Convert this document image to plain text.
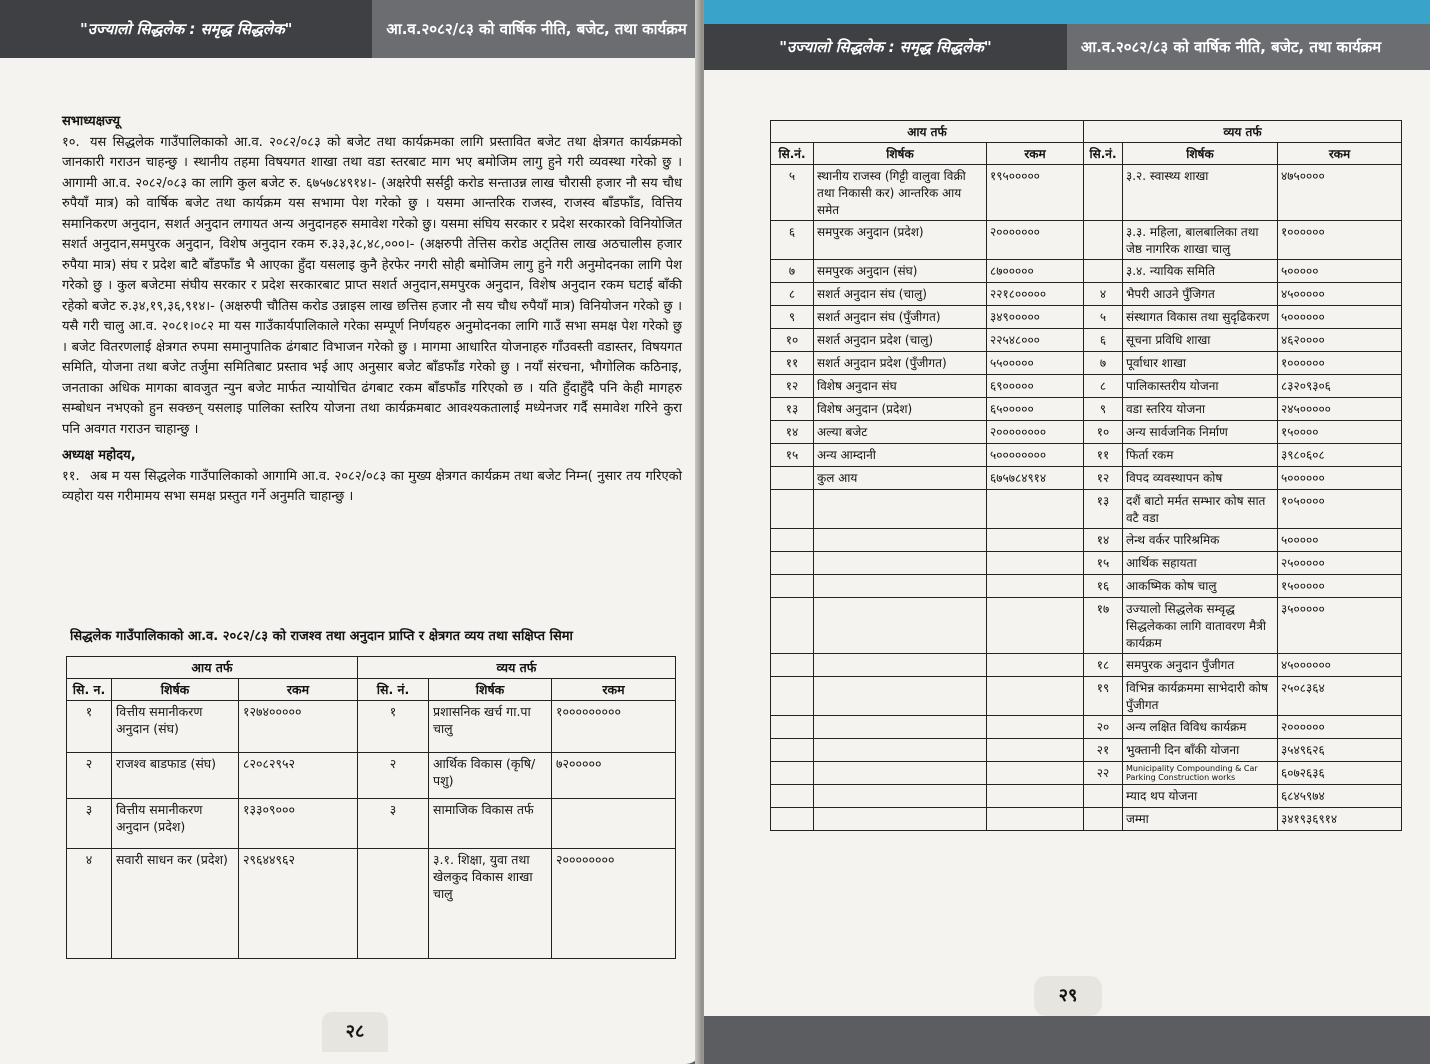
"उज्यालो सिद्धलेक : समृद्ध सिद्धलेक"	आ.व.२०८२/८३ को वार्षिक नीति, बजेट, तथा कार्यक्रम

सभाध्यक्षज्यू

१०. यस सिद्धलेक गाउँपालिकाको आ.व. २०८२/०८३ को बजेट तथा कार्यक्रमका लागि प्रस्तावित बजेट तथा क्षेत्रगत कार्यक्रमको जानकारी गराउन चाहन्छु । स्थानीय तहमा विषयगत शाखा तथा वडा स्तरबाट माग भए बमोजिम लागु हुने गरी व्यवस्था गरेको छु । आगामी आ.व. २०८२/०८३ का लागि कुल बजेट रु. ६७५७८४९१४।- (अक्षरेपी सर्सट्ठी करोड सन्ताउन्न लाख चौरासी हजार नौ सय चौध रुपैयाँ मात्र) को वार्षिक बजेट तथा कार्यक्रम यस सभामा पेश गरेको छु । यसमा आन्तरिक राजस्व, राजस्व बाँडफाँड, वित्तिय समानिकरण अनुदान, सशर्त अनुदान लगायत अन्य अनुदानहरु समावेश गरेको छु। यसमा संघिय सरकार र प्रदेश सरकारको विनियोजित सशर्त अनुदान,समपुरक अनुदान, विशेष अनुदान रकम रु.३३,३८,४८,०००।- (अक्षरुपी तेत्तिस करोड अट्तिस लाख अठचालीस हजार रुपैया मात्र) संघ र प्रदेश बाटै बाँडफाँड भै आएका हुँदा यसलाइ कुनै हेरफेर नगरी सोही बमोजिम लागु हुने गरी अनुमोदनका लागि पेश गरेको छु । कुल बजेटमा संघीय सरकार र प्रदेश सरकारबाट प्राप्त सशर्त अनुदान,समपुरक अनुदान, विशेष अनुदान रकम घटाई बाँकी रहेको बजेट रु.३४,१९,३६,९१४।- (अक्षरुपी चौतिस करोड उन्नाइस लाख छत्तिस हजार नौ सय चौध रुपैयाँ मात्र) विनियोजन गरेको छु । यसै गरी चालु आ.व. २०८१।०८२ मा यस गाउँकार्यपालिकाले गरेका सम्पूर्ण निर्णयहरु अनुमोदनका लागि गाउँ सभा समक्ष पेश गरेको छु । बजेट वितरणलाई क्षेत्रगत रुपमा समानुपातिक ढंगबाट विभाजन गरेको छु । मागमा आधारित योजनाहरु गाँउवस्ती वडास्तर, विषयगत समिति, योजना तथा बजेट तर्जुमा समितिबाट प्रस्ताव भई आए अनुसार बजेट बाँडफाँड गरेको छु । नयाँ संरचना, भौगोलिक कठिनाइ, जनताका अधिक मागका बावजुत न्युन बजेट मार्फत न्यायोचित ढंगबाट रकम बाँडफाँड गरिएको छ । यति हुँदाहुँदै पनि केही मागहरु सम्बोधन नभएको हुन सक्छन् यसलाइ पालिका स्तरिय योजना तथा कार्यक्रमबाट आवश्यकतालाई मध्येनजर गर्दै समावेश गरिने कुरा पनि अवगत गराउन चाहान्छु ।

अध्यक्ष महोदय,

११. अब म यस सिद्धलेक गाउँपालिकाको आगामि आ.व. २०८२/०८३ का मुख्य क्षेत्रगत कार्यक्रम तथा बजेट निम्न( नुसार तय गरिएको व्यहोरा यस गरीमामय सभा समक्ष प्रस्तुत गर्ने अनुमति चाहान्छु ।

सिद्धलेक गाउँपालिकाको आ.व. २०८२/८३ को राजश्व तथा अनुदान प्राप्ति र क्षेत्रगत व्यय तथा सक्षिप्त सिमा
आय तर्फ			व्यय तर्फ		
सि. न.	शिर्षक	रकम	सि. नं.	शिर्षक	रकम
१	वित्तीय समानीकरण अनुदान (संघ)	१२७४०००००	१	प्रशासनिक खर्च गा.पा चालु	१०००००००००
२	राजश्व बाडफाड (संघ)	८२०८२९५२	२	आर्थिक विकास (कृषि/पशु)	७२०००००
३	वित्तीय समानीकरण अनुदान (प्रदेश)	१३३०९०००	३	सामाजिक विकास तर्फ	
४	सवारी साधन कर (प्रदेश)	२९६४४९६२		३.१. शिक्षा, युवा तथा खेलकुद विकास शाखा चालु	२००००००००
२८
"उज्यालो सिद्धलेक : समृद्ध सिद्धलेक"	आ.व.२०८२/८३ को वार्षिक नीति, बजेट, तथा कार्यक्रम
आय तर्फ			व्यय तर्फ		
सि.नं.	शिर्षक	रकम	सि.नं.	शिर्षक	रकम
५	स्थानीय राजस्व (गिट्टी वालुवा विक्री तथा निकासी कर) आन्तरिक आय समेत	१९५०००००		३.२. स्वास्थ्य शाखा	४७५००००
६	समपुरक अनुदान (प्रदेश)	२०००००००		३.३. महिला, बालबालिका तथा जेष्ठ नागरिक शाखा चालु	१००००००
७	समपुरक अनुदान (संघ)	८७०००००		३.४. न्यायिक समिति	५०००००
८	सशर्त अनुदान संघ (चालु)	२२१८०००००	४	भैपरी आउने पुँजिगत	४५०००००
९	सशर्त अनुदान संघ (पुँजीगत)	३४९०००००	५	संस्थागत विकास तथा सुदृढिकरण	५००००००
१०	सशर्त अनुदान प्रदेश (चालु)	२२५४८०००	६	सूचना प्रविधि शाखा	४६२००००
११	सशर्त अनुदान प्रदेश (पुँजीगत)	५५०००००	७	पूर्वाधार शाखा	१००००००
१२	विशेष अनुदान संघ	६९०००००	८	पालिकास्तरीय योजना	८३२०९३०६
१३	विशेष अनुदान (प्रदेश)	६५०००००	९	वडा स्तरिय योजना	२४५०००००
१४	अल्या बजेट	२००००००००	१०	अन्य सार्वजनिक निर्माण	१५००००
१५	अन्य आम्दानी	५००००००००	११	फिर्ता रकम	३९८०६०८
	कुल आय	६७५७८४९१४	१२	विपद व्यवस्थापन कोष	५००००००
			१३	दशैं बाटो मर्मत सम्भार कोष सात वटै वडा	१०५००००
			१४	लेन्थ वर्कर पारिश्रमिक	५०००००
			१५	आर्थिक सहायता	२५०००००
			१६	आकष्मिक कोष चालु	१५०००००
			१७	उज्यालो सिद्धलेक सम्वृद्ध सिद्धलेकका लागि वातावरण मैत्री कार्यक्रम	३५०००००
			१८	समपुरक अनुदान पुँजीगत	४५००००००
			१९	विभिन्न कार्यक्रममा साभेदारी कोष पुँजीगत	२५०८३६४
			२०	अन्य लक्षित विविध कार्यक्रम	२००००००
			२१	भुक्तानी दिन बाँकी योजना	३५४९६२६
			२२	Municipality Compounding & Car Parking Construction works	६०७२६३६
				म्याद थप योजना	६८४५९७४
				जम्मा	३४१९३६९१४
२९
